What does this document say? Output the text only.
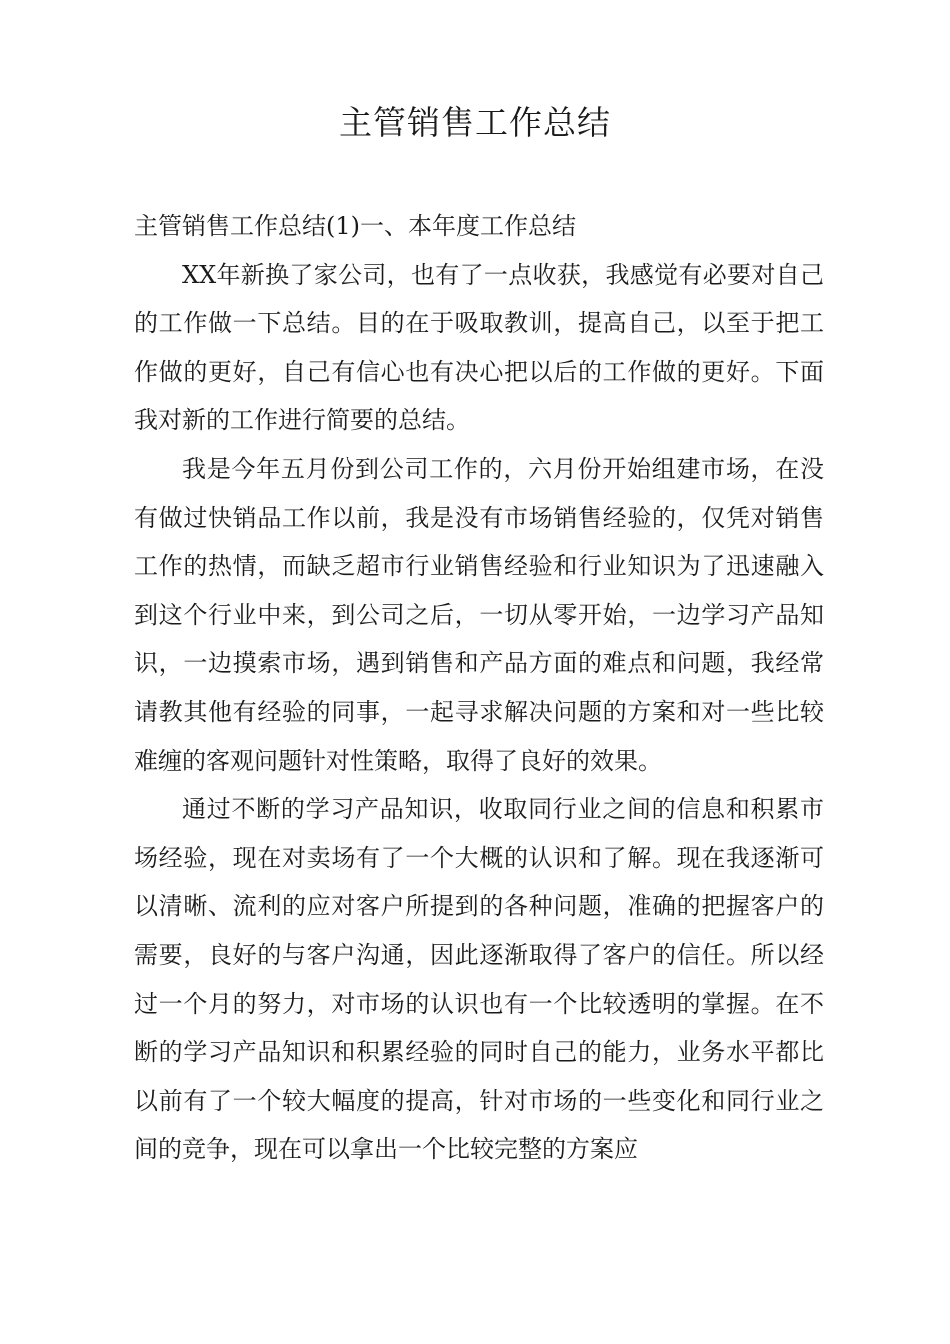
主管销售工作总结

主管销售工作总结(1)一、本年度工作总结

XX年新换了家公司，也有了一点收获，我感觉有必要对自己的工作做一下总结。目的在于吸取教训，提高自己，以至于把工作做的更好，自己有信心也有决心把以后的工作做的更好。下面我对新的工作进行简要的总结。

我是今年五月份到公司工作的，六月份开始组建市场，在没有做过快销品工作以前，我是没有市场销售经验的，仅凭对销售工作的热情，而缺乏超市行业销售经验和行业知识为了迅速融入到这个行业中来，到公司之后，一切从零开始，一边学习产品知识，一边摸索市场，遇到销售和产品方面的难点和问题，我经常请教其他有经验的同事，一起寻求解决问题的方案和对一些比较难缠的客观问题针对性策略，取得了良好的效果。

通过不断的学习产品知识，收取同行业之间的信息和积累市场经验，现在对卖场有了一个大概的认识和了解。现在我逐渐可以清晰、流利的应对客户所提到的各种问题，准确的把握客户的需要，良好的与客户沟通，因此逐渐取得了客户的信任。所以经过一个月的努力，对市场的认识也有一个比较透明的掌握。在不断的学习产品知识和积累经验的同时自己的能力，业务水平都比以前有了一个较大幅度的提高，针对市场的一些变化和同行业之间的竞争，现在可以拿出一个比较完整的方案应
